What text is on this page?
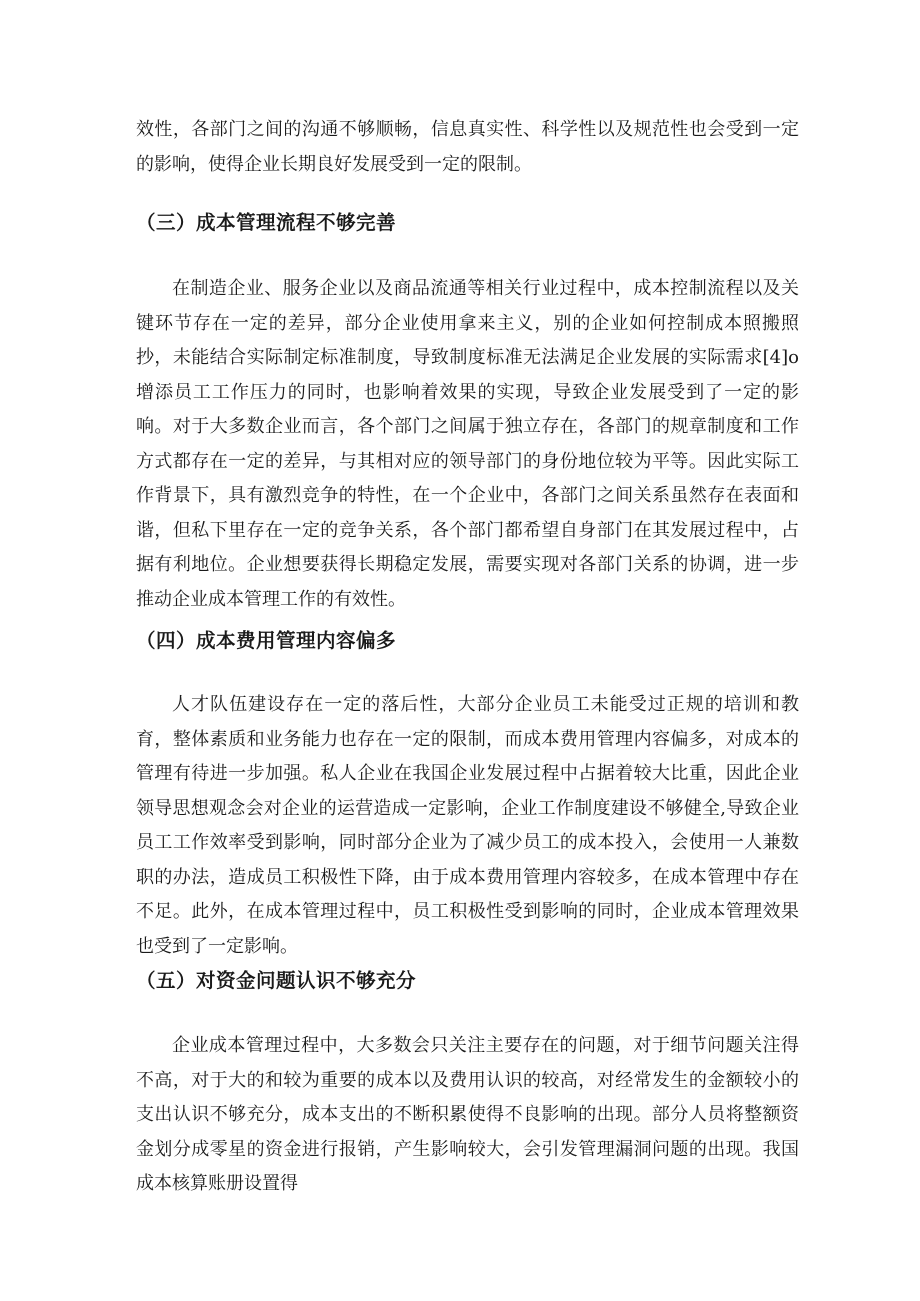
效性，各部门之间的沟通不够顺畅，信息真实性、科学性以及规范性也会受到一定的影响，使得企业长期良好发展受到一定的限制。

（三）成本管理流程不够完善

在制造企业、服务企业以及商品流通等相关行业过程中，成本控制流程以及关键环节存在一定的差异，部分企业使用拿来主义，别的企业如何控制成本照搬照抄，未能结合实际制定标准制度，导致制度标准无法满足企业发展的实际需求[4]o增添员工工作压力的同时，也影响着效果的实现，导致企业发展受到了一定的影响。对于大多数企业而言，各个部门之间属于独立存在，各部门的规章制度和工作方式都存在一定的差异，与其相对应的领导部门的身份地位较为平等。因此实际工作背景下，具有激烈竞争的特性，在一个企业中，各部门之间关系虽然存在表面和谐，但私下里存在一定的竞争关系，各个部门都希望自身部门在其发展过程中，占据有利地位。企业想要获得长期稳定发展，需要实现对各部门关系的协调，进一步推动企业成本管理工作的有效性。

（四）成本费用管理内容偏多

人才队伍建设存在一定的落后性，大部分企业员工未能受过正规的培训和教育，整体素质和业务能力也存在一定的限制，而成本费用管理内容偏多，对成本的管理有待进一步加强。私人企业在我国企业发展过程中占据着较大比重，因此企业领导思想观念会对企业的运营造成一定影响，企业工作制度建设不够健全,导致企业员工工作效率受到影响，同时部分企业为了减少员工的成本投入，会使用一人兼数职的办法，造成员工积极性下降，由于成本费用管理内容较多，在成本管理中存在不足。此外，在成本管理过程中，员工积极性受到影响的同时，企业成本管理效果也受到了一定影响。

（五）对资金问题认识不够充分

企业成本管理过程中，大多数会只关注主要存在的问题，对于细节问题关注得不高，对于大的和较为重要的成本以及费用认识的较高，对经常发生的金额较小的支出认识不够充分，成本支出的不断积累使得不良影响的出现。部分人员将整额资金划分成零星的资金进行报销，产生影响较大，会引发管理漏洞问题的出现。我国成本核算账册设置得
